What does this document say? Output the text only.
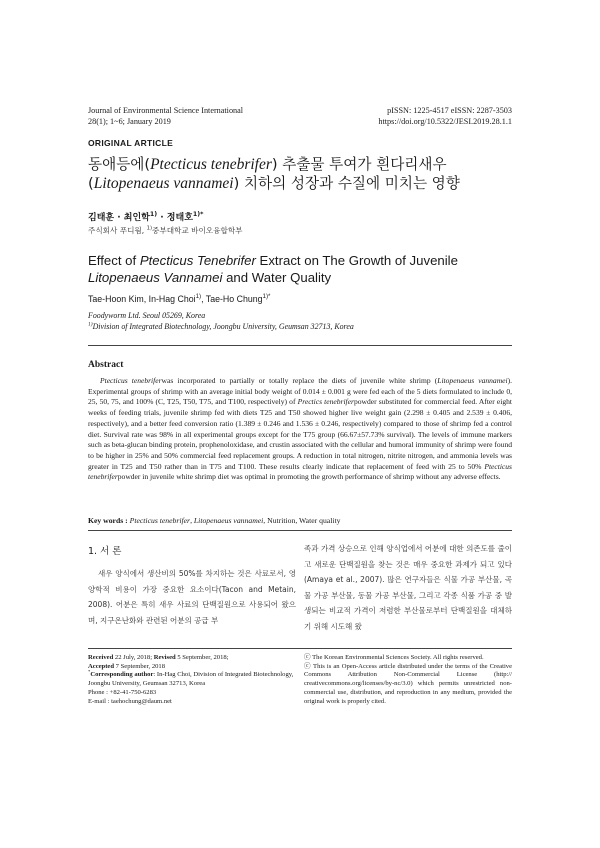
Journal of Environmental Science International
28(1); 1~6; January 2019
pISSN: 1225-4517 eISSN: 2287-3503
https://doi.org/10.5322/JESI.2019.28.1.1
ORIGINAL ARTICLE
동애등에(Ptecticus tenebrifer) 추출물 투여가 흰다리새우
(Litopenaeus vannamei) 치하의 성장과 수질에 미치는 영향
김태훈 · 최인학$^{1)}$ · 정태호$^{1)*}$
주식회사 푸디웜, $^{1)}$중부대학교 바이오융합학부
Effect of Ptecticus Tenebrifer Extract on The Growth of Juvenile Litopenaeus Vannamei and Water Quality
Tae-Hoon Kim, In-Hag Choi$^{1)}$, Tae-Ho Chung$^{1)*}$
Foodyworm Ltd. Seoul 05269, Korea
$^{1)}$Division of Integrated Biotechnology, Joongbu University, Geumsan 32713, Korea
Abstract
Ptecticus tenebriferwas incorporated to partially or totally replace the diets of juvenile white shrimp (Litopenaeus vannamei). Experimental groups of shrimp with an average initial body weight of 0.014 ± 0.001 g were fed each of the 5 diets formulated to include 0, 25, 50, 75, and 100% (C, T25, T50, T75, and T100, respectively) of Prectics tenebriferpowder substituted for commercial feed. After eight weeks of feeding trials, juvenile shrimp fed with diets T25 and T50 showed higher live weight gain (2.298 ± 0.405 and 2.539 ± 0.406, respectively), and a better feed conversion ratio (1.389 ± 0.246 and 1.536 ± 0.246, respectively) compared to those of shrimp fed a control diet. Survival rate was 98% in all experimental groups except for the T75 group (66.67±57.73% survival). The levels of immune markers such as beta-glucan binding protein, prophenoloxidase, and crustin associated with the cellular and humoral immunity of shrimp were found to be higher in 25% and 50% commercial feed replacement groups. A reduction in total nitrogen, nitrite nitrogen, and ammonia levels was greater in T25 and T50 rather than in T75 and T100. These results clearly indicate that replacement of feed with 25 to 50% Ptecticus tenebriferpowder in juvenile white shrimp diet was optimal in promoting the growth performance of shrimp without any adverse effects.
Key words : Ptecticus tenebrifer, Litopenaeus vannamei, Nutrition, Water quality
1. 서 론

새우 양식에서 생산비의 50%를 차지하는 것은 사료로서, 영양학적 비용이 가장 중요한 요소이다(Tacon and Metain, 2008). 어분은 특히 새우 사료의 단백질원으로 사용되어 왔으며, 지구온난화와 관련된 어분의 공급 부

족과 가격 상승으로 인해 양식업에서 어분에 대한 의존도를 줄이고 새로운 단백질원을 찾는 것은 매우 중요한 과제가 되고 있다(Amaya et al., 2007). 많은 연구자들은 식물 가공 부산물, 곡물 가공 부산물, 동물 가공 부산물, 그리고 각종 식품 가공 중 발생되는 비교적 가격이 저렴한 부산물로부터 단백질원을 대체하기 위해 시도해 왔

Received 22 July, 2018; Revised 5 September, 2018;
Accepted 7 September, 2018
*Corresponding author: In-Hag Choi, Division of Integrated Biotechnology, Joongbu University, Geumsan 32713, Korea
Phone : +82-41-750-6283
E-mail : taehochung@daum.net
ⓒ The Korean Environmental Sciences Society. All rights reserved.
ⓒ This is an Open-Access article distributed under the terms of the Creative Commons Attribution Non-Commercial License (http:// creativecommons.org/licenses/by-nc/3.0) which permits unrestricted non-commercial use, distribution, and reproduction in any medium, provided the original work is properly cited.
